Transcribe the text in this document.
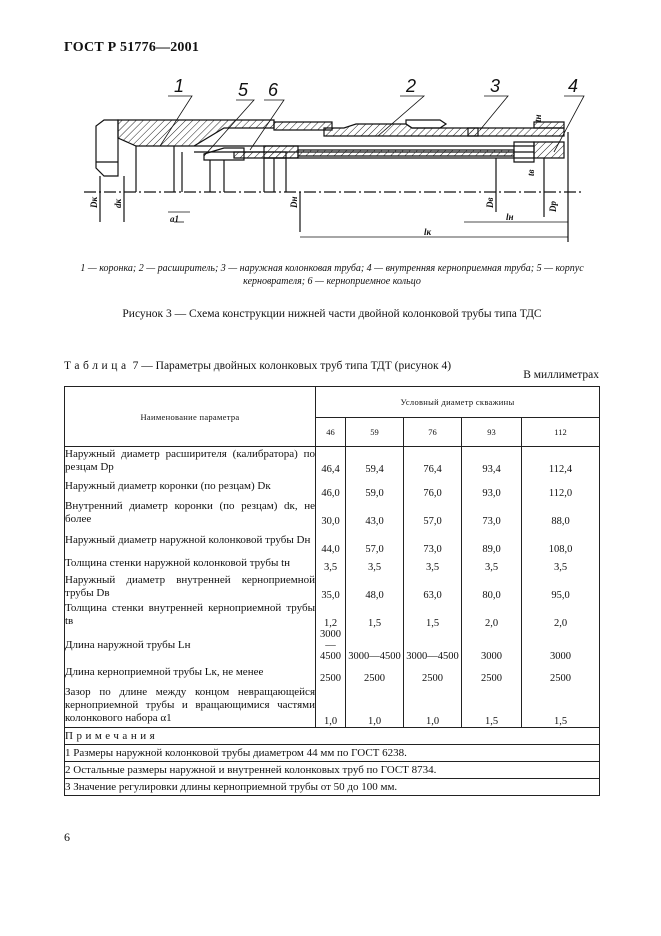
ГОСТ Р 51776—2001
1	5 6	2	3	4
Dк dк
a1
Dн	Dв
lн
lк
tн
tв
Dр
1 — коронка; 2 — расширитель; 3 — наружная колонковая труба; 4 — внутренняя керноприемная труба; 5 — корпус
керноврателя; 6 — керноприемное кольцо
Рисунок 3 — Схема конструкции нижней части двойной колонковой трубы типа ТДС
Таблица 7 — Параметры двойных колонковых труб типа ТДТ (рисунок 4)
В миллиметрах
Наименование параметра	Условный диаметр скважины				
	46	59	76	93	112
Наружный диаметр расширителя (калибратора) по резцам Dр	46,4	59,4	76,4	93,4	112,4
Наружный диаметр коронки (по резцам) Dк	46,0	59,0	76,0	93,0	112,0
Внутренний диаметр коронки (по резцам) dк, не более	30,0	43,0	57,0	73,0	88,0
Наружный диаметр наружной колонковой трубы Dн	44,0	57,0	73,0	89,0	108,0
Толщина стенки наружной колонковой трубы tн	3,5	3,5	3,5	3,5	3,5
Наружный диаметр внутренней керноприемной трубы Dв	35,0	48,0	63,0	80,0	95,0
Толщина стенки внутренней керноприемной трубы tв	1,2	1,5	1,5	2,0	2,0
Длина наружной трубы Lн	3000—4500	3000—4500	3000—4500	3000	3000
Длина керноприемной трубы Lк, не менее	2500	2500	2500	2500	2500
Зазор по длине между концом невращающейся керноприемной трубы и вращающимися частями колонкового набора α1	1,0	1,0	1,0	1,5	1,5
Примечания					
1 Размеры наружной колонковой трубы диаметром 44 мм по ГОСТ 6238.					
2 Остальные размеры наружной и внутренней колонковых труб по ГОСТ 8734.					
3 Значение регулировки длины керноприемной трубы от 50 до 100 мм.					
6
